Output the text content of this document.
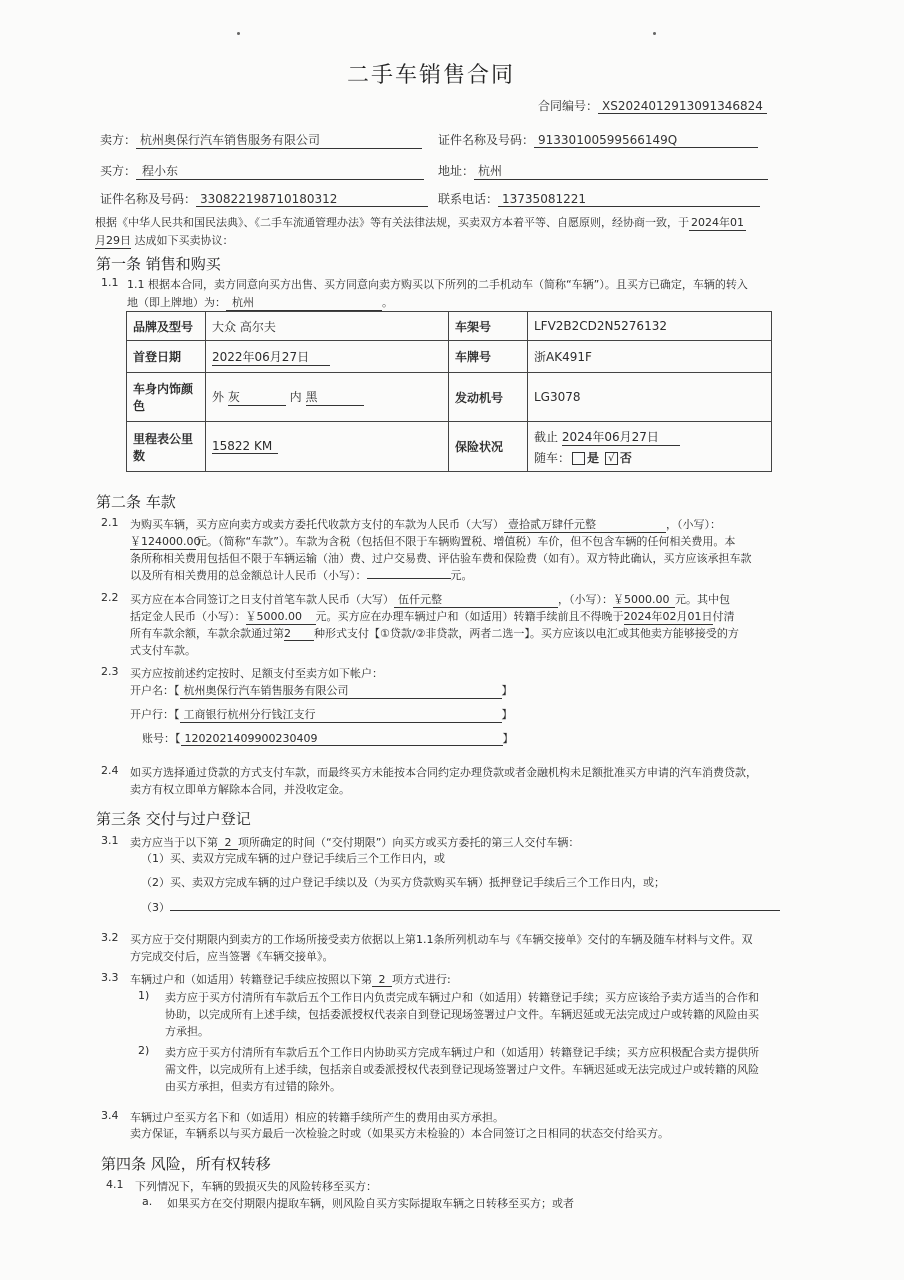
二手车销售合同
合同编号： XS2024012913091346824
卖方： 杭州奥保行汽车销售服务有限公司	证件名称及号码： 91330100599566149Q
买方： 程小东	地址： 杭州
证件名称及号码： 330822198710180312	联系电话： 13735081221
根据《中华人民共和国民法典》、《二手车流通管理办法》等有关法律法规，买卖双方本着平等、自愿原则，经协商一致，于 2024年01
月29日 达成如下买卖协议：
第一条 销售和购买
1.1 1.1 根据本合同，卖方同意向买方出售、买方同意向卖方购买以下所列的二手机动车（简称“车辆”）。且买方已确定，车辆的转入
地（即上牌地）为： 杭州	。
品牌及型号	大众 高尔夫	车架号	LFV2B2CD2N5276132
首登日期	2022年06月27日	车牌号	浙AK491F
车身内饰颜色	外 灰 内 黑	发动机号	LG3078
里程表公里数	15822 KM	保险状况	截止 2024年06月27日
随车： 是 √ 否
第二条 车款
2.1 为购买车辆，买方应向卖方或卖方委托代收款方支付的车款为人民币（大写） 壹拾贰万肆仟元整	，（小写）：
￥124000.00元。（简称“车款”）。车款为含税（包括但不限于车辆购置税、增值税）车价，但不包含车辆的任何相关费用。本
条所称相关费用包括但不限于车辆运输（油）费、过户交易费、评估验车费和保险费（如有）。双方特此确认，买方应该承担车款
以及所有相关费用的总金额总计人民币（小写）：	元。
2.2 买方应在本合同签订之日支付首笔车款人民币（大写） 伍仟元整	，（小写）：￥5000.00 元。其中包
括定金人民币（小写）：￥5000.00 元。买方应在办理车辆过户和（如适用）转籍手续前且不得晚于2024年02月01日付清
所有车款余额，车款余款通过第2 种形式支付【①贷款/②非贷款，两者二选一】。买方应该以电汇或其他卖方能够接受的方
式支付车款。
2.3 买方应按前述约定按时、足额支付至卖方如下帐户：
开户名：【 杭州奥保行汽车销售服务有限公司	】
开户行：【 工商银行杭州分行钱江支行	】
账号：【 1202021409900230409	】
2.4 如买方选择通过贷款的方式支付车款，而最终买方未能按本合同约定办理贷款或者金融机构未足额批准买方申请的汽车消费贷款，
卖方有权立即单方解除本合同，并没收定金。
第三条 交付与过户登记
3.1 卖方应当于以下第 2 项所确定的时间（“交付期限”）向买方或买方委托的第三人交付车辆：
（1）买、卖双方完成车辆的过户登记手续后三个工作日内，或
（2）买、卖双方完成车辆的过户登记手续以及（为买方贷款购买车辆）抵押登记手续后三个工作日内，或；
（3）
3.2 买方应于交付期限内到卖方的工作场所接受卖方依据以上第1.1条所列机动车与《车辆交接单》交付的车辆及随车材料与文件。双
方完成交付后，应当签署《车辆交接单》。
3.3 车辆过户和（如适用）转籍登记手续应按照以下第 2 项方式进行:
1) 卖方应于买方付清所有车款后五个工作日内负责完成车辆过户和（如适用）转籍登记手续；买方应该给予卖方适当的合作和
协助，以完成所有上述手续，包括委派授权代表亲自到登记现场签署过户文件。车辆迟延或无法完成过户或转籍的风险由买
方承担。
2) 卖方应于买方付清所有车款后五个工作日内协助买方完成车辆过户和（如适用）转籍登记手续；买方应积极配合卖方提供所
需文件，以完成所有上述手续，包括亲自或委派授权代表到登记现场签署过户文件。车辆迟延或无法完成过户或转籍的风险
由买方承担，但卖方有过错的除外。
3.4 车辆过户至买方名下和（如适用）相应的转籍手续所产生的费用由买方承担。
卖方保证，车辆系以与买方最后一次检验之时或（如果买方未检验的）本合同签订之日相同的状态交付给买方。
第四条 风险，所有权转移
4.1 下列情况下，车辆的毁损灭失的风险转移至买方：
a. 如果买方在交付期限内提取车辆，则风险自买方实际提取车辆之日转移至买方；或者
